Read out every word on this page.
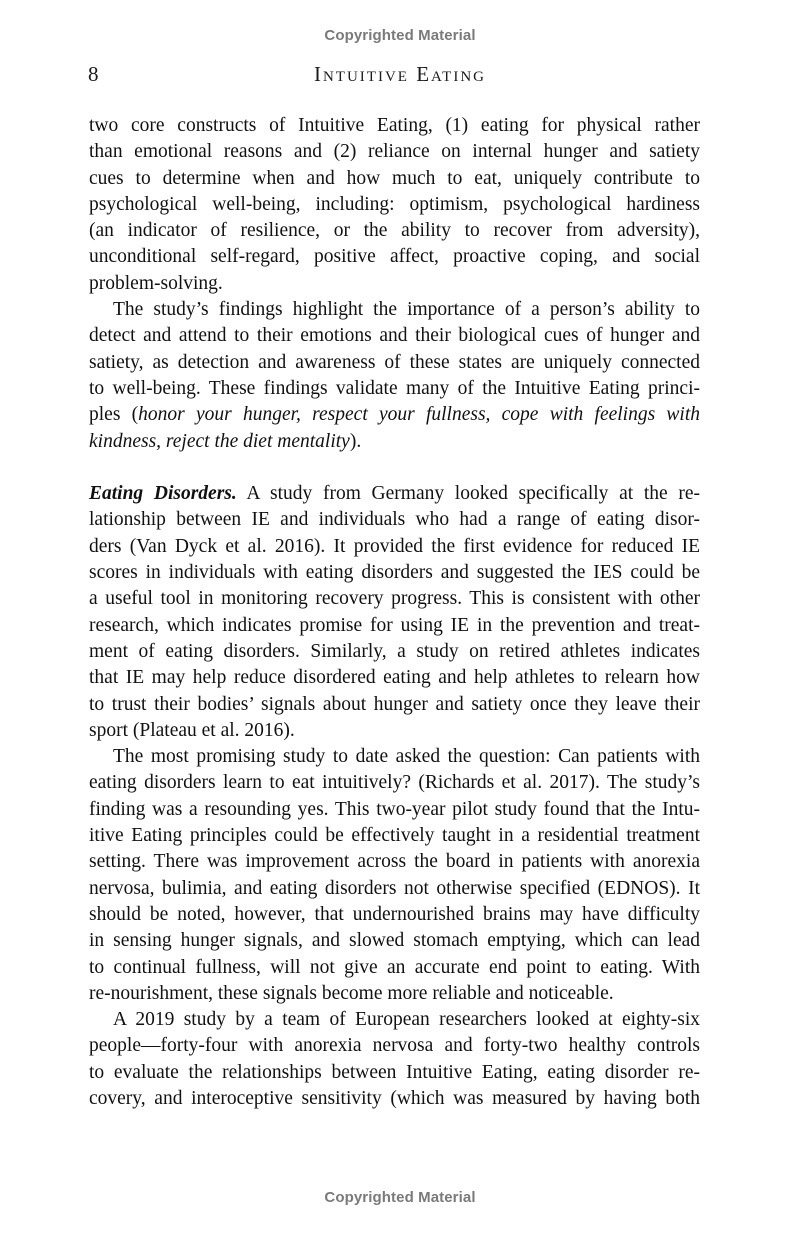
Copyrighted Material
8	Intuitive Eating
two core constructs of Intuitive Eating, (1) eating for physical rather
than emotional reasons and (2) reliance on internal hunger and satiety
cues to determine when and how much to eat, uniquely contribute to
psychological well-being, including: optimism, psychological hardiness
(an indicator of resilience, or the ability to recover from adversity),
unconditional self-regard, positive affect, proactive coping, and social
problem-solving.
The study’s findings highlight the importance of a person’s ability to
detect and attend to their emotions and their biological cues of hunger and
satiety, as detection and awareness of these states are uniquely connected
to well-being. These findings validate many of the Intuitive Eating princi-
ples (honor your hunger, respect your fullness, cope with feelings with
kindness, reject the diet mentality).
Eating Disorders. A study from Germany looked specifically at the re-
lationship between IE and individuals who had a range of eating disor-
ders (Van Dyck et al. 2016). It provided the first evidence for reduced IE
scores in individuals with eating disorders and suggested the IES could be
a useful tool in monitoring recovery progress. This is consistent with other
research, which indicates promise for using IE in the prevention and treat-
ment of eating disorders. Similarly, a study on retired athletes indicates
that IE may help reduce disordered eating and help athletes to relearn how
to trust their bodies’ signals about hunger and satiety once they leave their
sport (Plateau et al. 2016).
The most promising study to date asked the question: Can patients with
eating disorders learn to eat intuitively? (Richards et al. 2017). The study’s
finding was a resounding yes. This two-year pilot study found that the Intu-
itive Eating principles could be effectively taught in a residential treatment
setting. There was improvement across the board in patients with anorexia
nervosa, bulimia, and eating disorders not otherwise specified (EDNOS). It
should be noted, however, that undernourished brains may have difficulty
in sensing hunger signals, and slowed stomach emptying, which can lead
to continual fullness, will not give an accurate end point to eating. With
re-nourishment, these signals become more reliable and noticeable.
A 2019 study by a team of European researchers looked at eighty-six
people—forty-four with anorexia nervosa and forty-two healthy controls
to evaluate the relationships between Intuitive Eating, eating disorder re-
covery, and interoceptive sensitivity (which was measured by having both
Copyrighted Material
